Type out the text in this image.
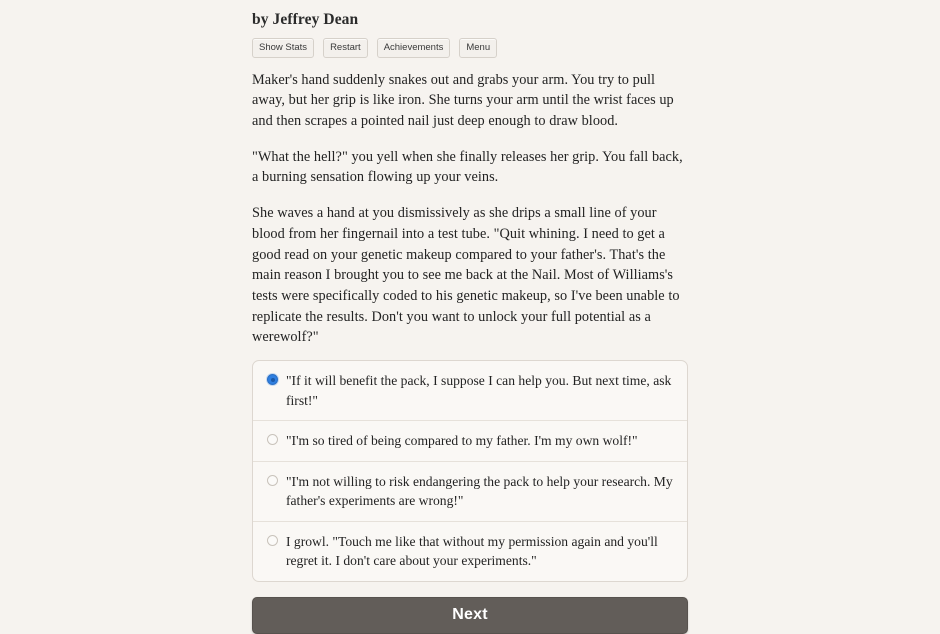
by Jeffrey Dean

Show Stats	Restart	Achievements	Menu

Maker's hand suddenly snakes out and grabs your arm. You try to pull away, but her grip is like iron. She turns your arm until the wrist faces up and then scrapes a pointed nail just deep enough to draw blood.

"What the hell?" you yell when she finally releases her grip. You fall back, a burning sensation flowing up your veins.

She waves a hand at you dismissively as she drips a small line of your blood from her fingernail into a test tube. "Quit whining. I need to get a good read on your genetic makeup compared to your father's. That's the main reason I brought you to see me back at the Nail. Most of Williams's tests were specifically coded to his genetic makeup, so I've been unable to replicate the results. Don't you want to unlock your full potential as a werewolf?"

"If it will benefit the pack, I suppose I can help you. But next time, ask first!"
"I'm so tired of being compared to my father. I'm my own wolf!"
"I'm not willing to risk endangering the pack to help your research. My father's experiments are wrong!"
I growl. "Touch me like that without my permission again and you'll regret it. I don't care about your experiments."
Next
